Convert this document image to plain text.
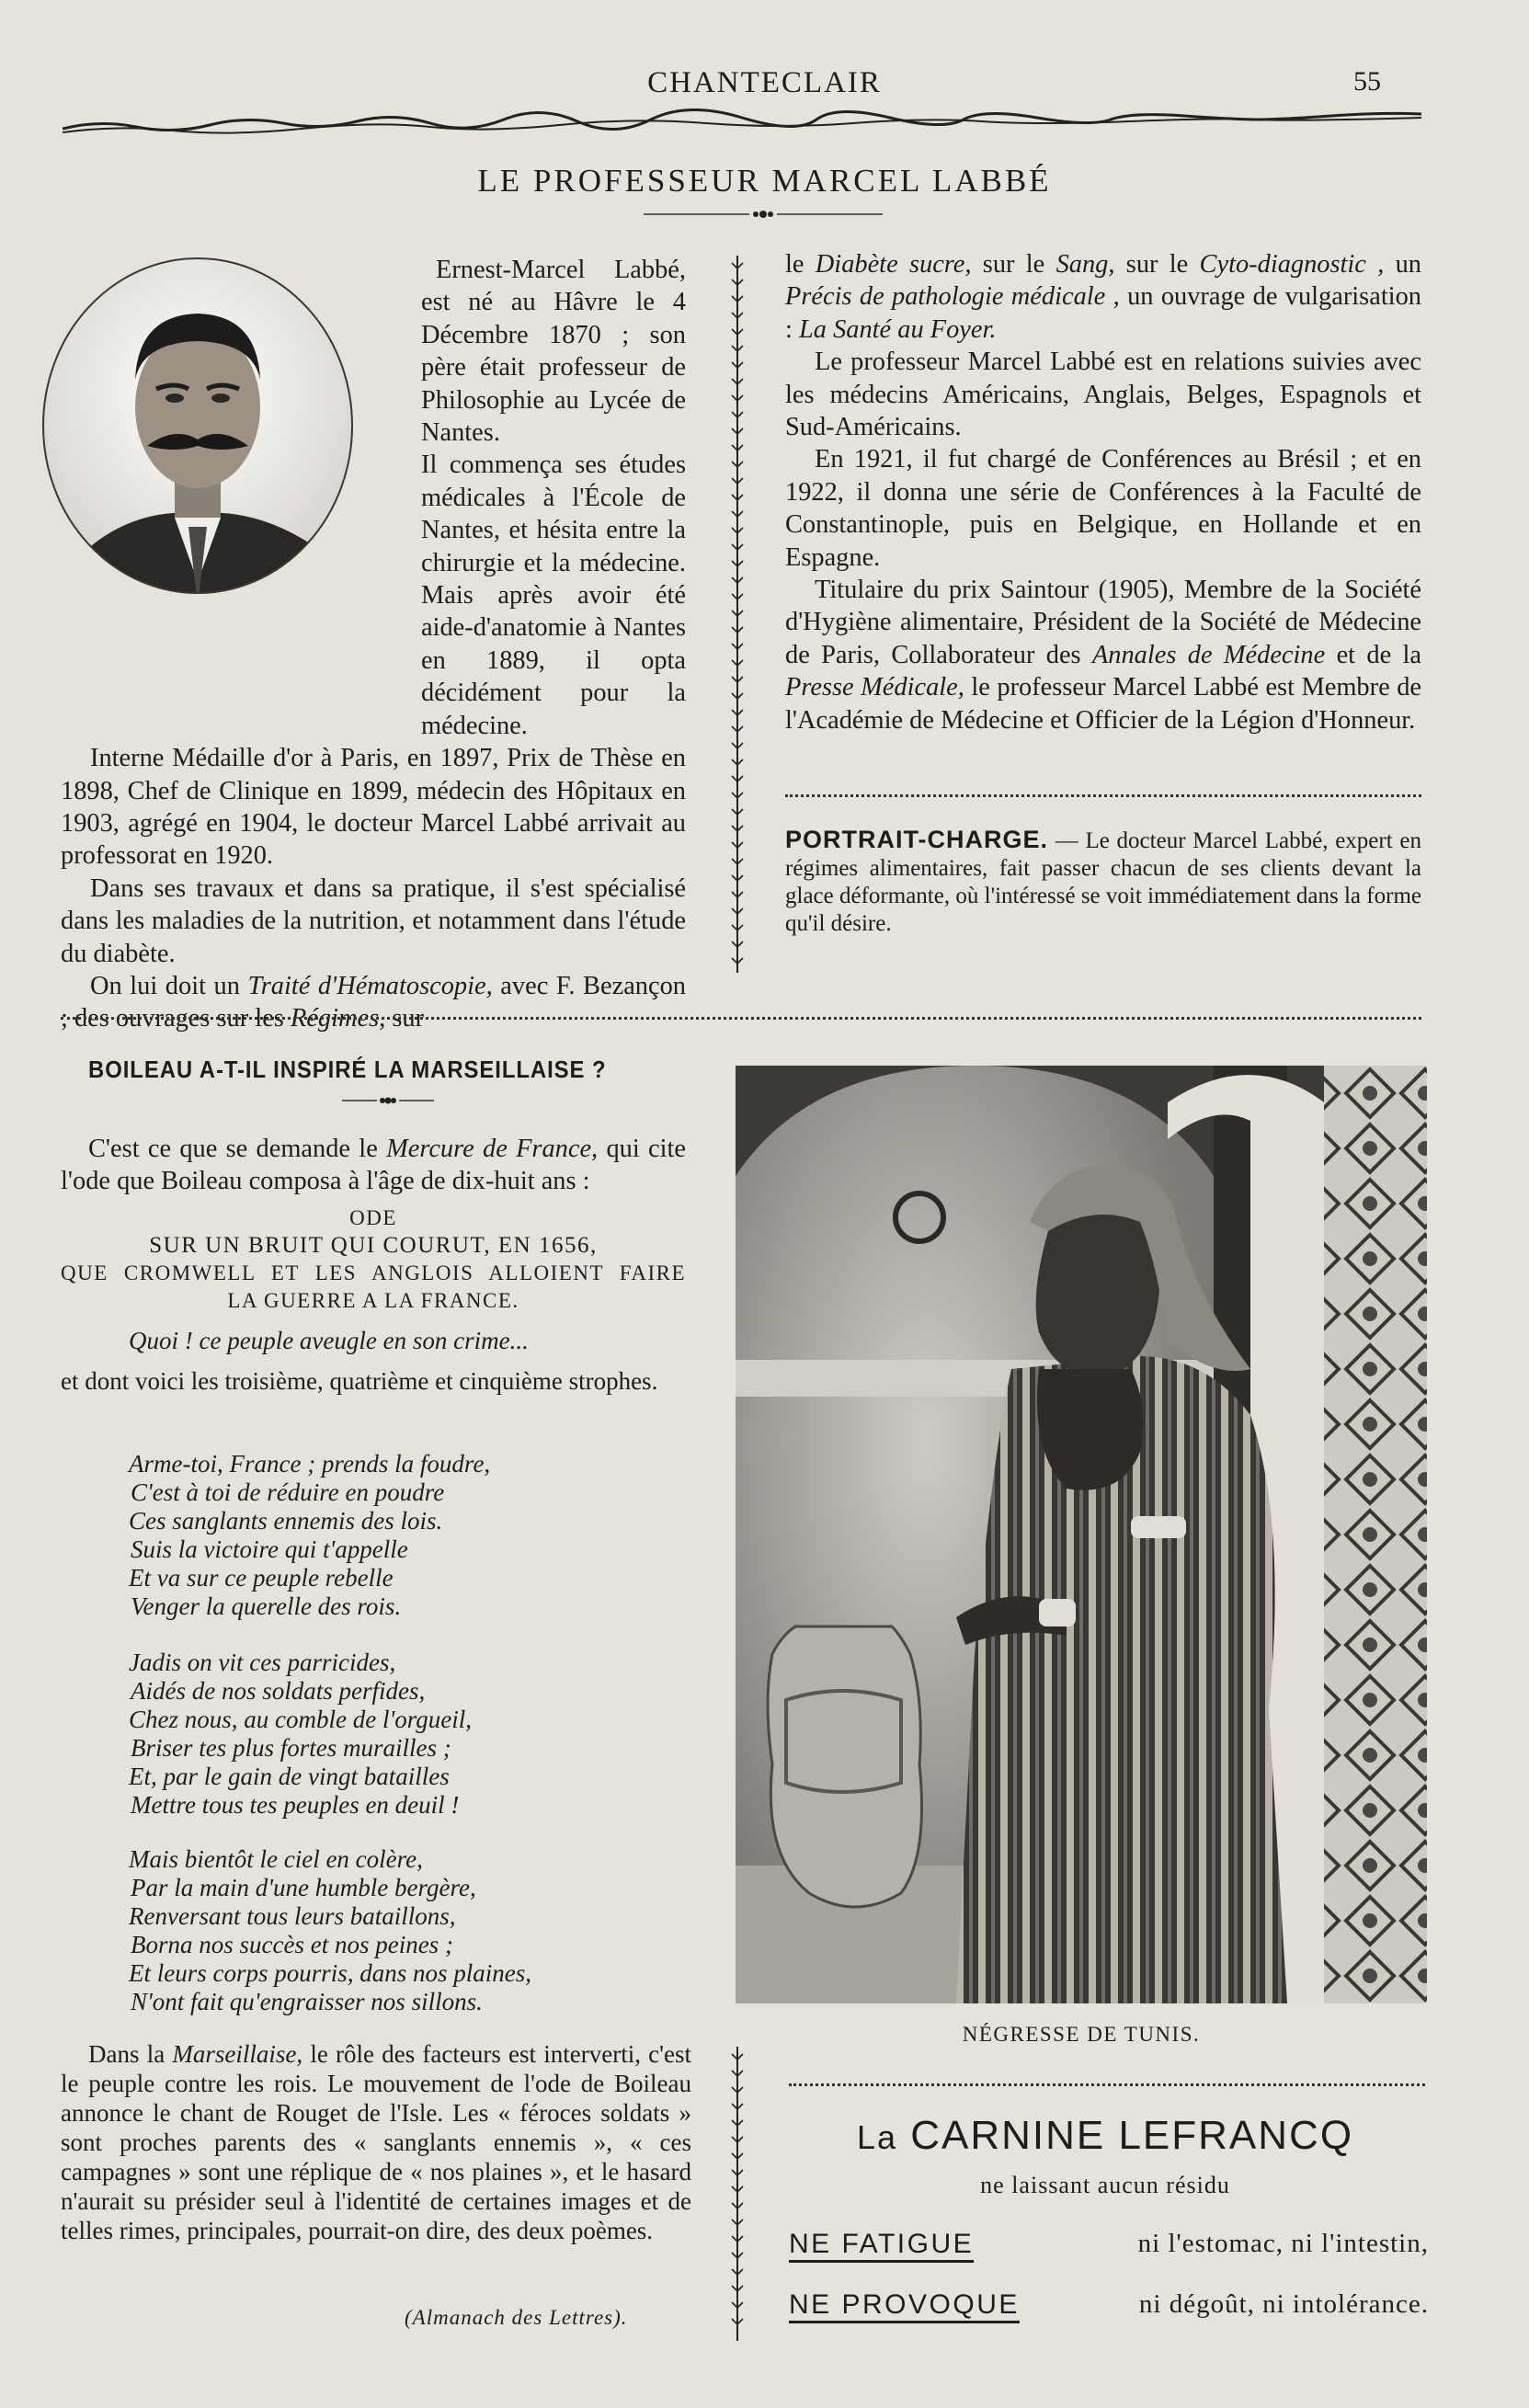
CHANTECLAIR	55
LE PROFESSEUR MARCEL LABBÉ

Ernest-Marcel Labbé, est né au Hâvre le 4 Décembre 1870 ; son père était professeur de Philosophie au Lycée de Nantes.

Il commença ses études médicales à l'École de Nantes, et hésita entre la chirurgie et la médecine. Mais après avoir été aide-d'anatomie à Nantes en 1889, il opta décidément pour la médecine.

Interne Médaille d'or à Paris, en 1897, Prix de Thèse en 1898, Chef de Clinique en 1899, médecin des Hôpitaux en 1903, agrégé en 1904, le docteur Marcel Labbé arrivait au professorat en 1920.

Dans ses travaux et dans sa pratique, il s'est spécialisé dans les maladies de la nutrition, et notamment dans l'étude du diabète.

On lui doit un Traité d'Hématoscopie, avec F. Bezançon ; des ouvrages sur les Régimes, sur

le Diabète sucre, sur le Sang, sur le Cyto-diagnostic , un Précis de pathologie médicale , un ouvrage de vulgarisation : La Santé au Foyer.

Le professeur Marcel Labbé est en relations suivies avec les médecins Américains, Anglais, Belges, Espagnols et Sud-Américains.

En 1921, il fut chargé de Conférences au Brésil ; et en 1922, il donna une série de Conférences à la Faculté de Constantinople, puis en Belgique, en Hollande et en Espagne.

Titulaire du prix Saintour (1905), Membre de la Société d'Hygiène alimentaire, Président de la Société de Médecine de Paris, Collaborateur des Annales de Médecine et de la Presse Médicale, le professeur Marcel Labbé est Membre de l'Académie de Médecine et Officier de la Légion d'Honneur.

PORTRAIT-CHARGE. — Le docteur Marcel Labbé, expert en régimes alimentaires, fait passer chacun de ses clients devant la glace déformante, où l'intéressé se voit immédiatement dans la forme qu'il désire.
BOILEAU A-T-IL INSPIRÉ LA MARSEILLAISE ?

C'est ce que se demande le Mercure de France, qui cite l'ode que Boileau composa à l'âge de dix-huit ans :

ODE
SUR UN BRUIT QUI COURUT, EN 1656,
QUE CROMWELL ET LES ANGLOIS ALLOIENT FAIRE
LA GUERRE A LA FRANCE.
Quoi ! ce peuple aveugle en son crime...

et dont voici les troisième, quatrième et cinquième strophes.

Arme-toi, France ; prends la foudre,
C'est à toi de réduire en poudre
Ces sanglants ennemis des lois.
Suis la victoire qui t'appelle
Et va sur ce peuple rebelle
Venger la querelle des rois.
Jadis on vit ces parricides,
Aidés de nos soldats perfides,
Chez nous, au comble de l'orgueil,
Briser tes plus fortes murailles ;
Et, par le gain de vingt batailles
Mettre tous tes peuples en deuil !
Mais bientôt le ciel en colère,
Par la main d'une humble bergère,
Renversant tous leurs bataillons,
Borna nos succès et nos peines ;
Et leurs corps pourris, dans nos plaines,
N'ont fait qu'engraisser nos sillons.

Dans la Marseillaise, le rôle des facteurs est interverti, c'est le peuple contre les rois. Le mouvement de l'ode de Boileau annonce le chant de Rouget de l'Isle. Les « féroces soldats » sont proches parents des « sanglants ennemis », « ces campagnes » sont une réplique de « nos plaines », et le hasard n'aurait su présider seul à l'identité de certaines images et de telles rimes, principales, pourrait-on dire, des deux poèmes.

(Almanach des Lettres).
NÉGRESSE DE TUNIS.
La CARNINE LEFRANCQ
ne laissant aucun résidu
NE FATIGUE	ni l'estomac, ni l'intestin,
NE PROVOQUE	ni dégoût, ni intolérance.
